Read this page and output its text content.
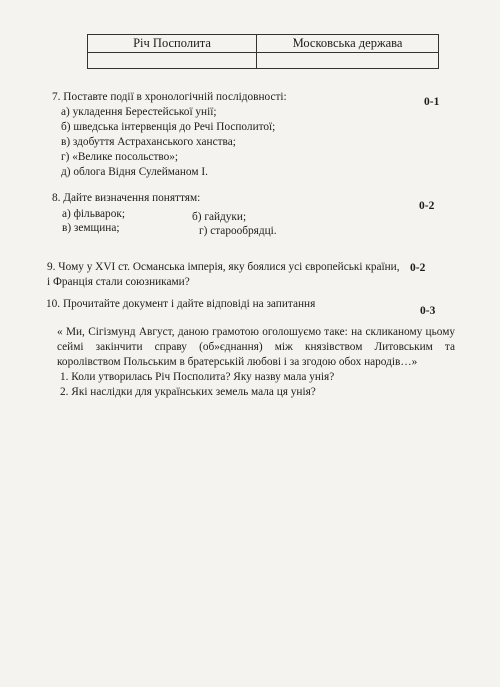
Річ Посполита	Московська держава

7. Поставте події в хронологічній послідовності:
а) укладення Берестейської унії;
б) шведська інтервенція до Речі Посполитої;
в) здобуття Астраханського ханства;
г) «Велике посольство»;
д) облога Відня Сулейманом І.
0-1
8. Дайте визначення поняттям:
0-2
а) фільварок;	б) гайдуки;
в) земщина;	г) старообрядці.
9. Чому у XVI ст. Османська імперія, яку боялися усі європейські країни,
і Франція стали союзниками?
0-2
10. Прочитайте документ і дайте відповіді на запитання
0-3
« Ми, Сігізмунд Август, даною грамотою оголошуємо таке: на скликаному цьому сеймі закінчити справу (об»єднання) між князівством Литовським та королівством Польським в братерській любові і за згодою обох народів…»
1. Коли утворилась Річ Посполита? Яку назву мала унія?
2. Які наслідки для українських земель мала ця унія?
